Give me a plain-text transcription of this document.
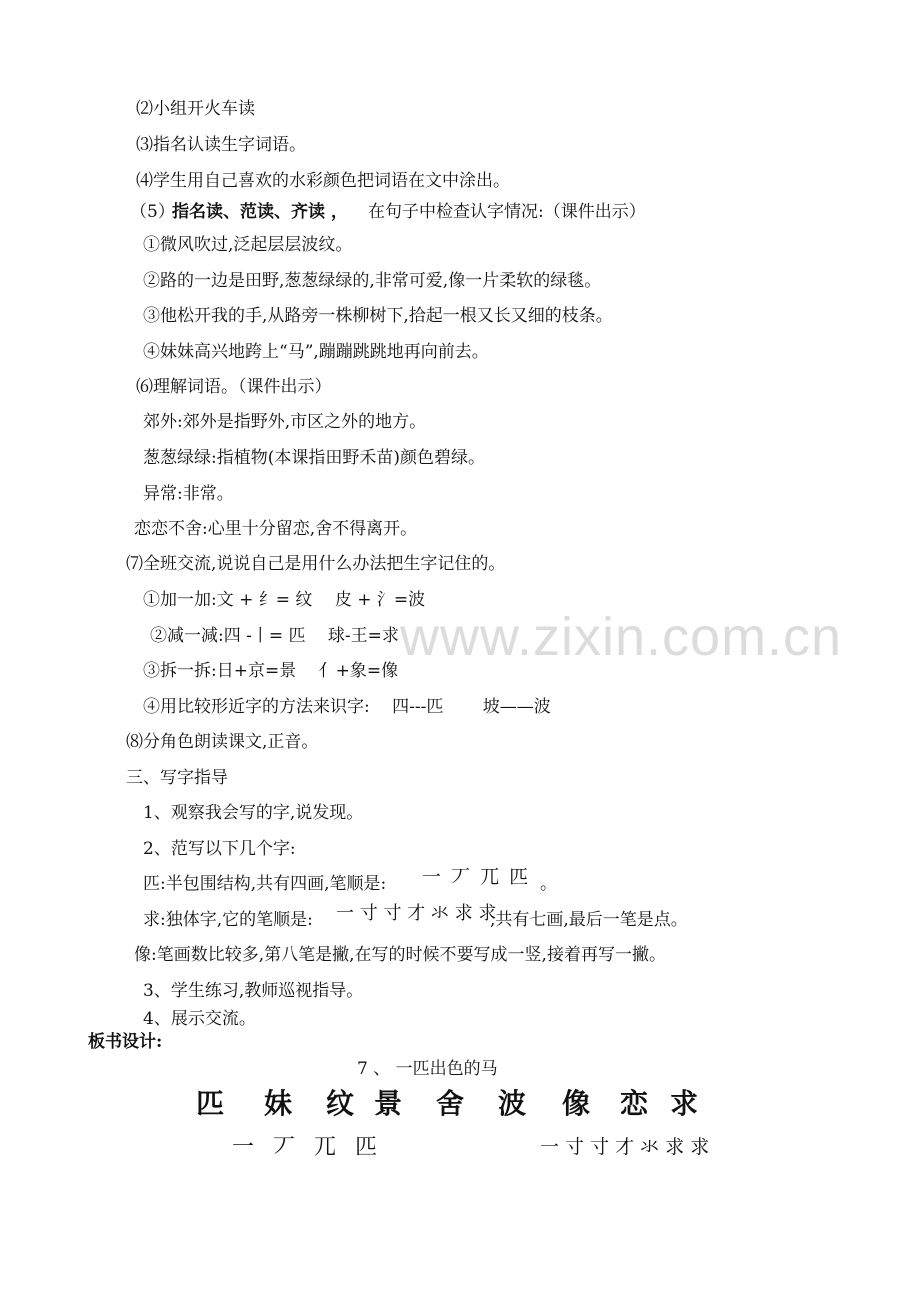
www.zixin.com.cn
⑵小组开火车读
⑶指名认读生字词语。
⑷学生用自己喜欢的水彩颜色把词语在文中涂出。
（5）
指名读、范读、齐读 ， 在句子中检查认字情况:（课件出示）
①微风吹过,泛起层层波纹。
②路的一边是田野,葱葱绿绿的,非常可爱,像一片柔软的绿毯。
③他松开我的手,从路旁一株柳树下,拾起一根又长又细的枝条。
④妹妹高兴地跨上“马”,蹦蹦跳跳地再向前去。
⑹理解词语。（课件出示）
郊外:郊外是指野外,市区之外的地方。
葱葱绿绿:指植物(本课指田野禾苗)颜色碧绿。
异常:非常。
恋恋不舍:心里十分留恋,舍不得离开。
⑺全班交流,说说自己是用什么办法把生字记住的。
①加一加:文 + 纟= 纹　 皮 + 氵=波
②减一减:四 -丨= 匹　 球-王=求
③拆一拆:日+京=景　 亻+象=像
④用比较形近字的方法来识字:　 四---匹　 　坡——波
⑻分角色朗读课文,正音。
三、写字指导
1、观察我会写的字,说发现。
2、范写以下几个字:
匹:半包围结构,共有四画,笔顺是: 一 丆 兀 匹 。
求:独体字,它的笔顺是: 一 寸 寸 才 氺 求 求
,共有七画,最后一笔是点。
像:笔画数比较多,第八笔是撇,在写的时候不要写成一竖,接着再写一撇。
3、学生练习,教师巡视指导。
4、展示交流。
板书设计:
7 、 一匹出色的马
匹 妹 纹 景 舍 波 像 恋 求
一 丆 兀 匹	一 寸 寸 才 氺 求 求
